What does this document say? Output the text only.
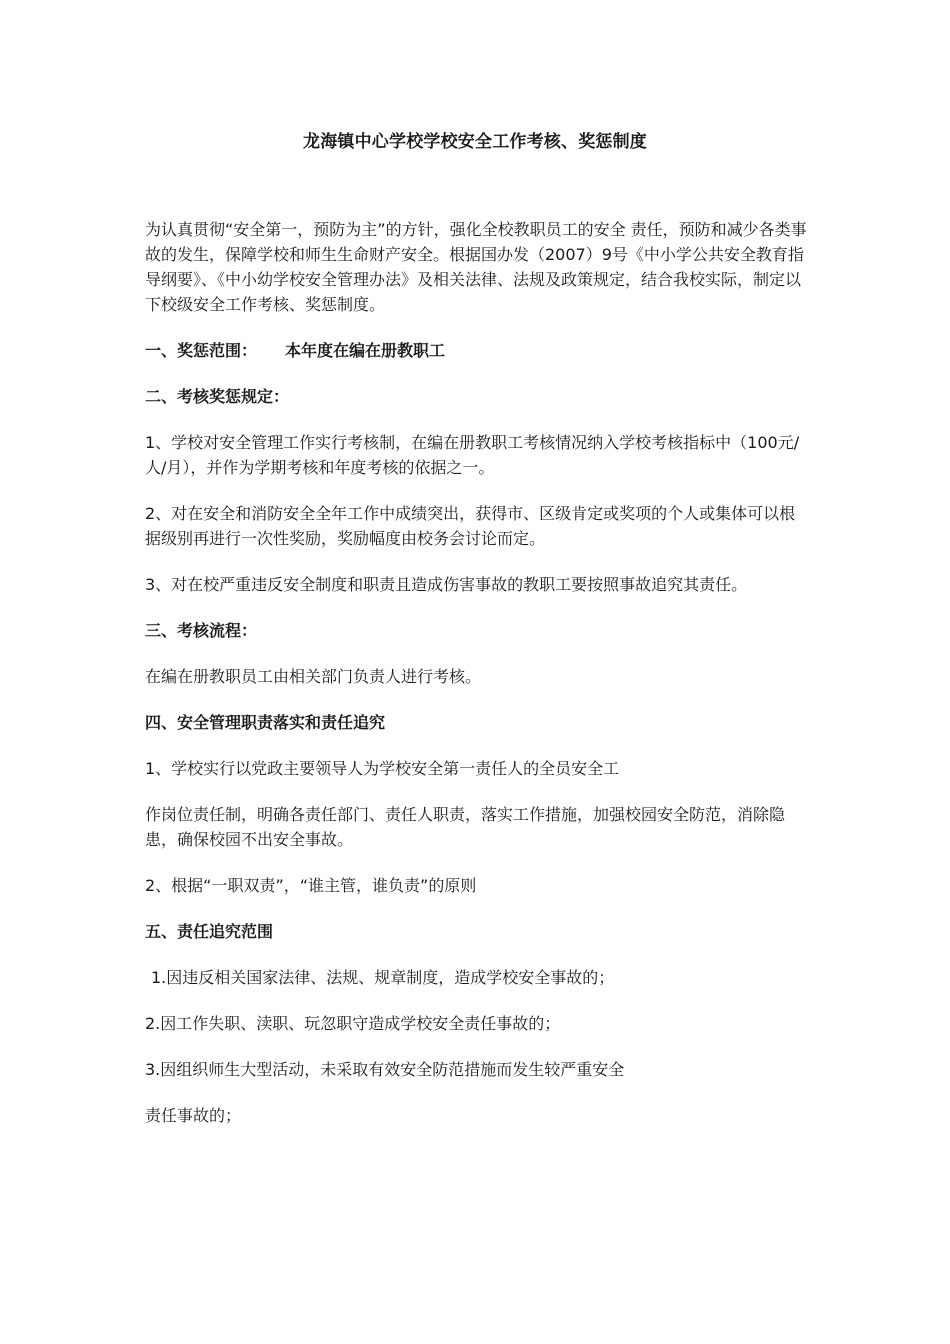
龙海镇中心学校学校安全工作考核、奖惩制度
为认真贯彻“安全第一，预防为主”的方针，强化全校教职员工的安全 责任，预防和减少各类事故的发生，保障学校和师生生命财产安全。根据国办发（2007）9号《中小学公共安全教育指导纲要》、《中小幼学校安全管理办法》及相关法律、法规及政策规定，结合我校实际，制定以下校级安全工作考核、奖惩制度。
一、奖惩范围： 本年度在编在册教职工
二、考核奖惩规定：
1、学校对安全管理工作实行考核制，在编在册教职工考核情况纳入学校考核指标中（100元/人/月），并作为学期考核和年度考核的依据之一。
2、对在安全和消防安全全年工作中成绩突出，获得市、区级肯定或奖项的个人或集体可以根据级别再进行一次性奖励，奖励幅度由校务会讨论而定。
3、对在校严重违反安全制度和职责且造成伤害事故的教职工要按照事故追究其责任。
三、考核流程：
在编在册教职员工由相关部门负责人进行考核。
四、安全管理职责落实和责任追究
1、学校实行以党政主要领导人为学校安全第一责任人的全员安全工
作岗位责任制，明确各责任部门、责任人职责，落实工作措施，加强校园安全防范，消除隐患，确保校园不出安全事故。
2、根据“一职双责”，“谁主管，谁负责”的原则
五、责任追究范围
1.因违反相关国家法律、法规、规章制度，造成学校安全事故的；
2.因工作失职、渎职、玩忽职守造成学校安全责任事故的；
3.因组织师生大型活动，未采取有效安全防范措施而发生较严重安全
责任事故的；
